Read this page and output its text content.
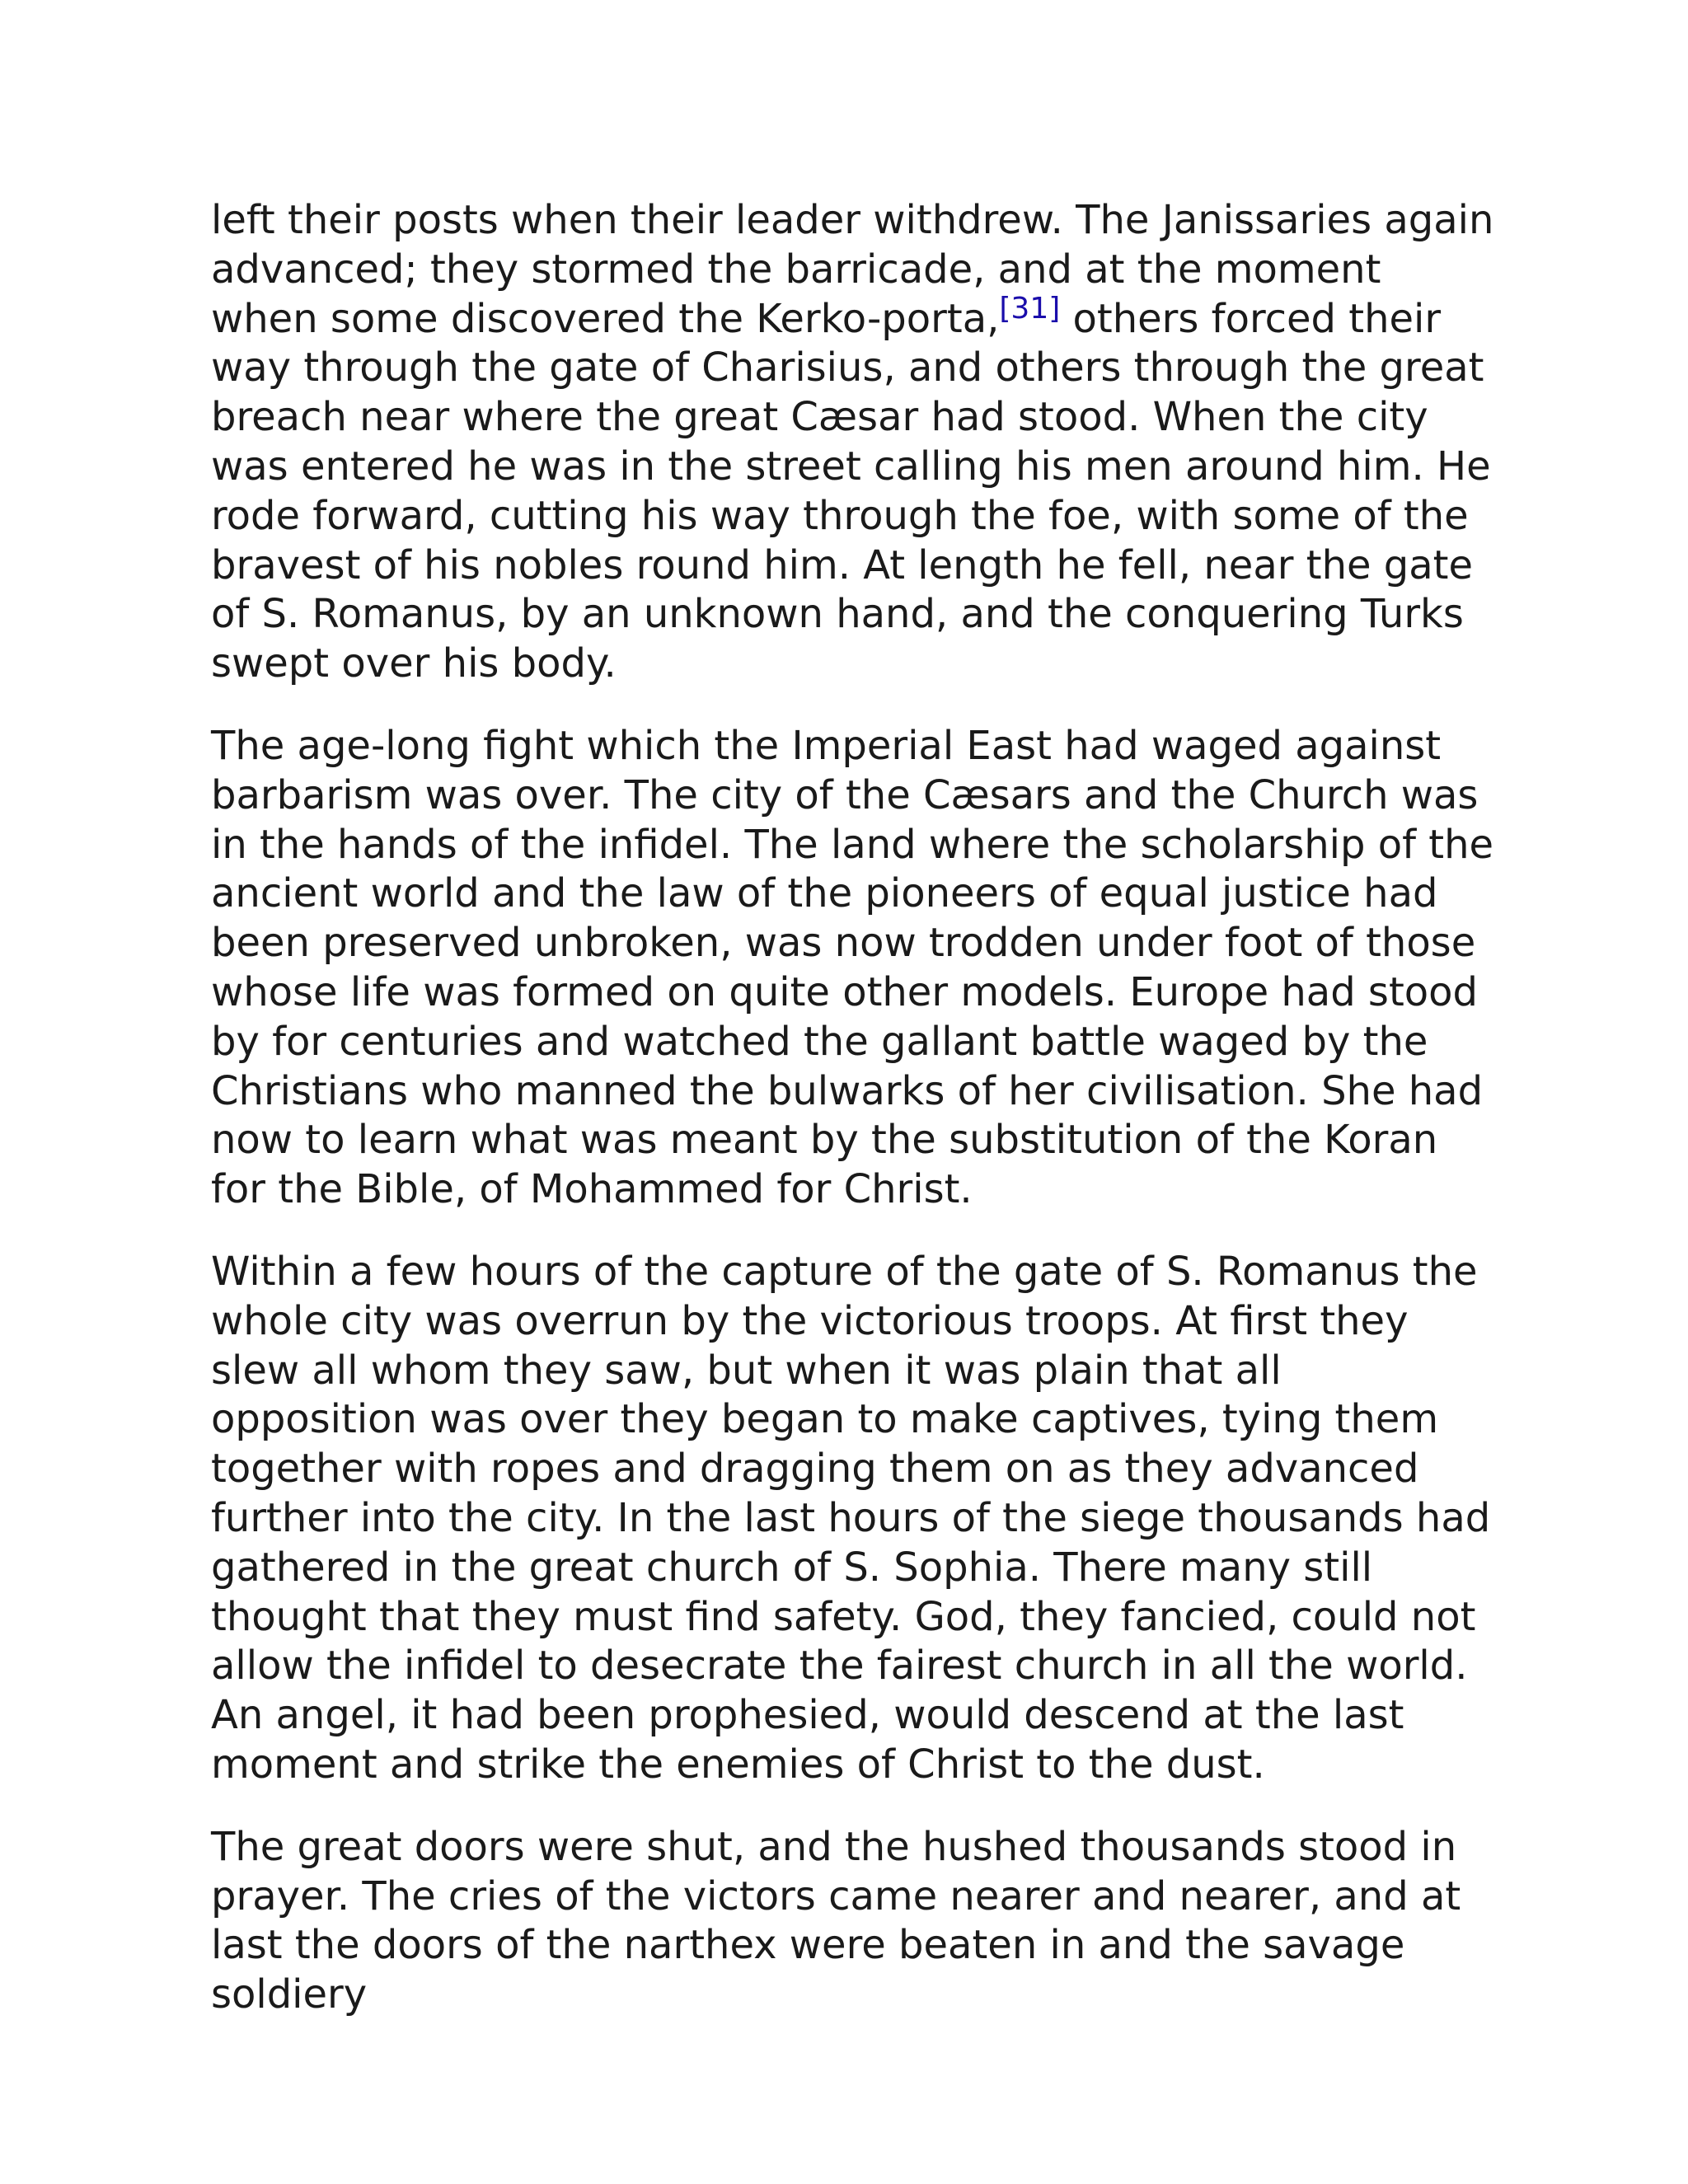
left their posts when their leader withdrew. The Janissaries again advanced; they stormed the barricade, and at the moment when some discovered the Kerko-porta,[31] others forced their way through the gate of Charisius, and others through the great breach near where the great Cæsar had stood. When the city was entered he was in the street calling his men around him. He rode forward, cutting his way through the foe, with some of the bravest of his nobles round him. At length he fell, near the gate of S. Romanus, by an unknown hand, and the conquering Turks swept over his body.

The age-long fight which the Imperial East had waged against barbarism was over. The city of the Cæsars and the Church was in the hands of the infidel. The land where the scholarship of the ancient world and the law of the pioneers of equal justice had been preserved unbroken, was now trodden under foot of those whose life was formed on quite other models. Europe had stood by for centuries and watched the gallant battle waged by the Christians who manned the bulwarks of her civilisation. She had now to learn what was meant by the substitution of the Koran for the Bible, of Mohammed for Christ.

Within a few hours of the capture of the gate of S. Romanus the whole city was overrun by the victorious troops. At first they slew all whom they saw, but when it was plain that all opposition was over they began to make captives, tying them together with ropes and dragging them on as they advanced further into the city. In the last hours of the siege thousands had gathered in the great church of S. Sophia. There many still thought that they must find safety. God, they fancied, could not allow the infidel to desecrate the fairest church in all the world. An angel, it had been prophesied, would descend at the last moment and strike the enemies of Christ to the dust.

The great doors were shut, and the hushed thousands stood in prayer. The cries of the victors came nearer and nearer, and at last the doors of the narthex were beaten in and the savage soldiery
